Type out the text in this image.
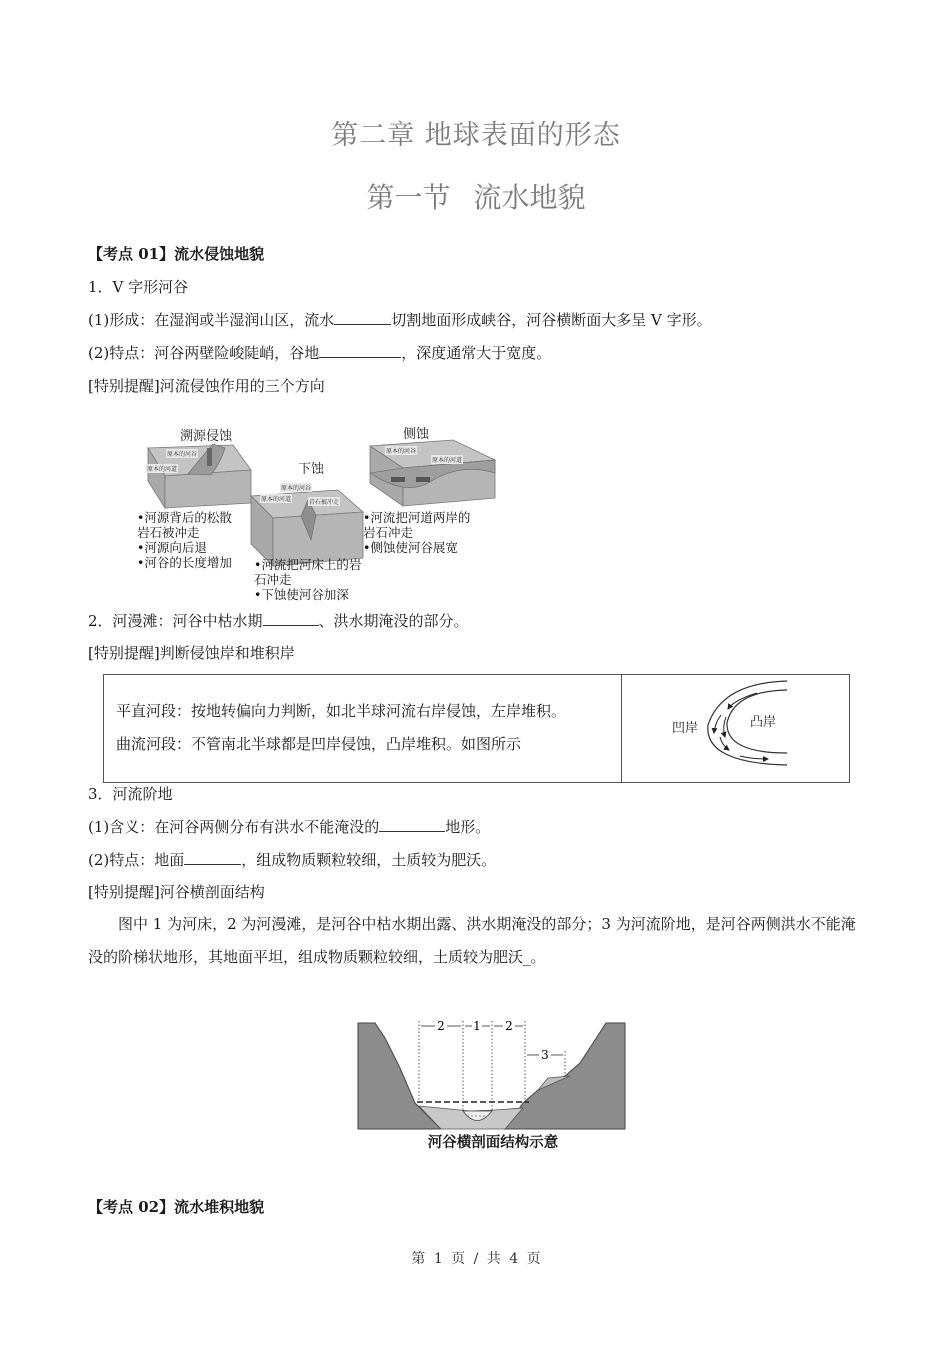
第二章 地球表面的形态
第一节 流水地貌
【考点 01】流水侵蚀地貌
1．V 字形河谷
(1)形成：在湿润或半湿润山区，流水	切割地面形成峡谷，河谷横断面大多呈 V 字形。
(2)特点：河谷两壁险峻陡峭，谷地	，深度通常大于宽度。
[特别提醒]河流侵蚀作用的三个方向
溯源侵蚀
下蚀
侧蚀
原本的河谷
原本的河道
原本的河谷
原本的河道	岩石被冲走
原本的河谷
原本的河道
•河源背后的松散
岩石被冲走
•河源向后退
•河谷的长度增加 •河流把河床上的岩
石冲走
•下蚀使河谷加深
•河流把河道两岸的
岩石冲走
•侧蚀使河谷展宽
2．河漫滩：河谷中枯水期	、洪水期淹没的部分。
[特别提醒]判断侵蚀岸和堆积岸
平直河段：按地转偏向力判断，如北半球河流右岸侵蚀，左岸堆积。
曲流河段：不管南北半球都是凹岸侵蚀，凸岸堆积。如图所示
凹岸	凸岸
3．河流阶地
(1)含义：在河谷两侧分布有洪水不能淹没的	地形。
(2)特点：地面	，组成物质颗粒较细，土质较为肥沃。
[特别提醒]河谷横剖面结构
图中 1 为河床，2 为河漫滩，是河谷中枯水期出露、洪水期淹没的部分；3 为河流阶地，是河谷两侧洪水不能淹没的阶梯状地形，其地面平坦，组成物质颗粒较细，土质较为肥沃_。
2 1 2
3
河谷横剖面结构示意
【考点 02】流水堆积地貌
第 1 页 / 共 4 页
